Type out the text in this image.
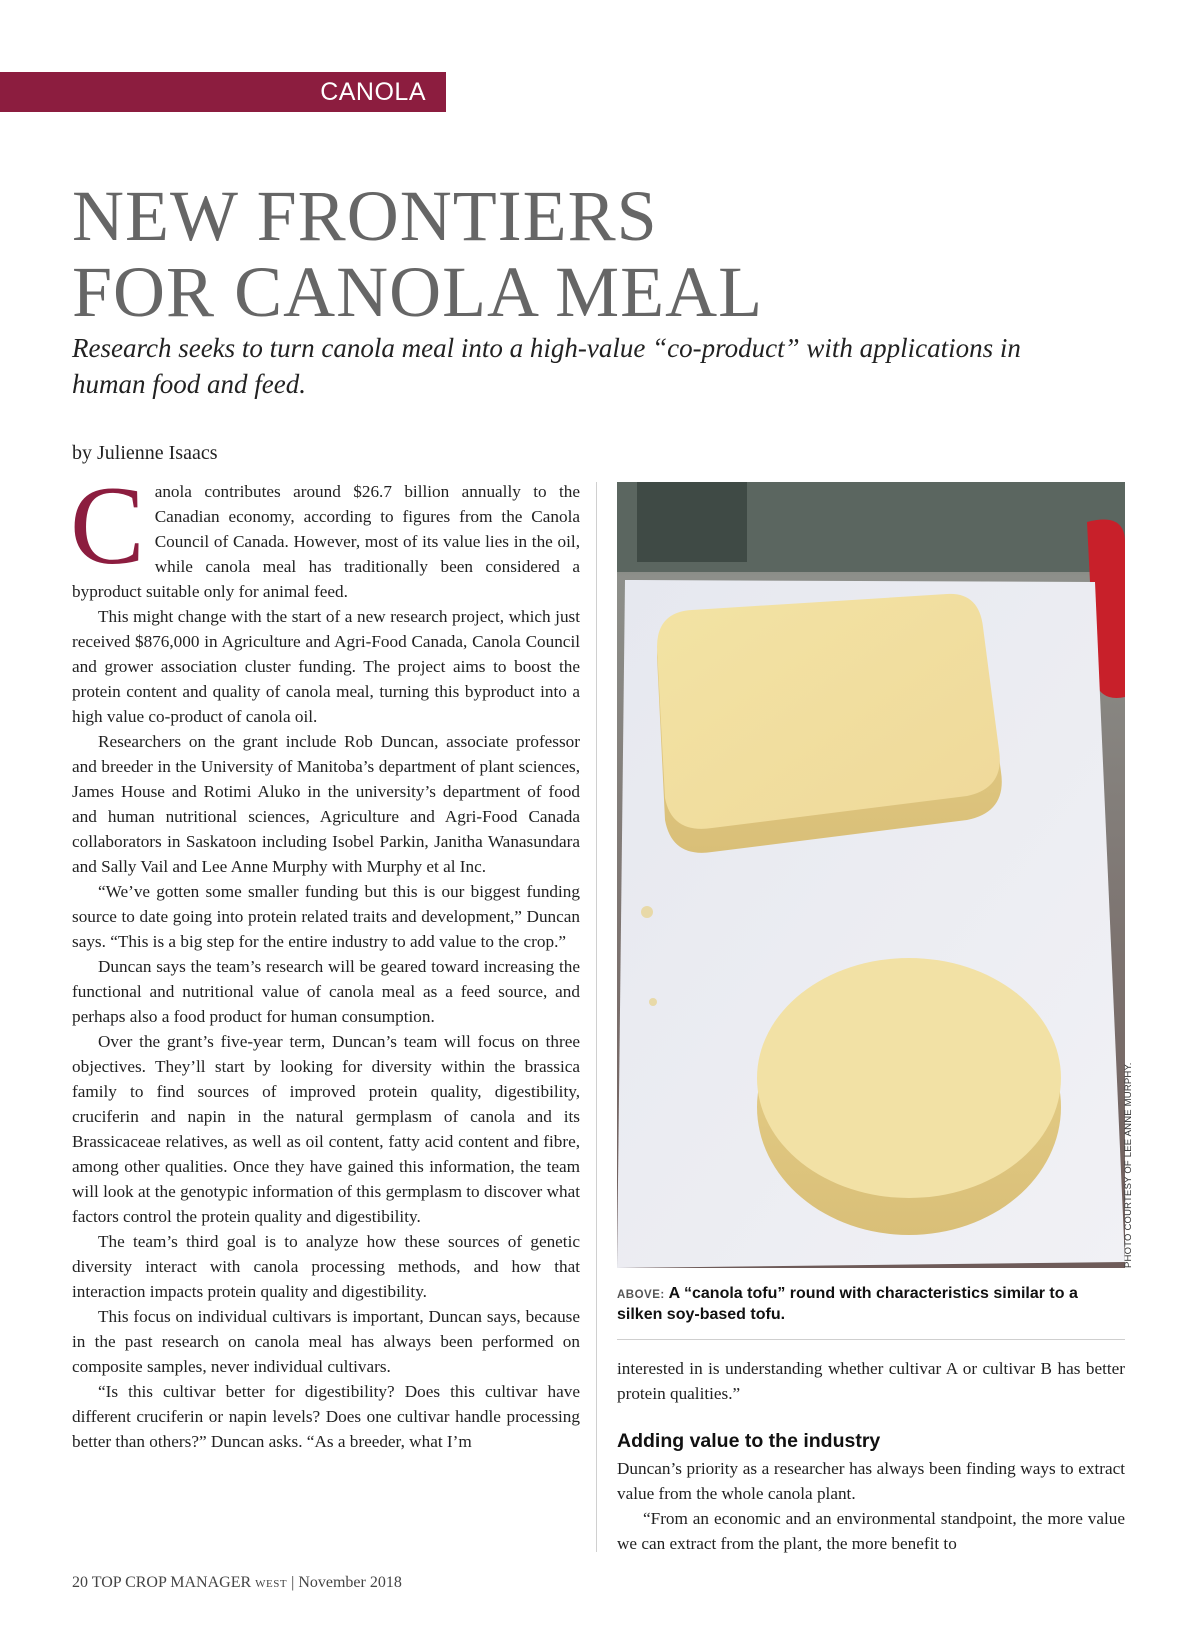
CANOLA
NEW FRONTIERS
FOR CANOLA MEAL

Research seeks to turn canola meal into a high-value “co-product” with applications in human food and feed.

by Julienne Isaacs

Canola contributes around $26.7 billion annually to the Canadian economy, according to figures from the Canola Council of Canada. However, most of its value lies in the oil, while canola meal has traditionally been considered a byproduct suitable only for animal feed.

This might change with the start of a new research project, which just received $876,000 in Agriculture and Agri-Food Canada, Canola Council and grower association cluster funding. The project aims to boost the protein content and quality of canola meal, turning this byproduct into a high value co-product of canola oil.

Researchers on the grant include Rob Duncan, associate professor and breeder in the University of Manitoba’s department of plant sciences, James House and Rotimi Aluko in the university’s department of food and human nutritional sciences, Agriculture and Agri-Food Canada collaborators in Saskatoon including Isobel Parkin, Janitha Wanasundara and Sally Vail and Lee Anne Murphy with Murphy et al Inc.

“We’ve gotten some smaller funding but this is our biggest funding source to date going into protein related traits and development,” Duncan says. “This is a big step for the entire industry to add value to the crop.”

Duncan says the team’s research will be geared toward increasing the functional and nutritional value of canola meal as a feed source, and perhaps also a food product for human consumption.

Over the grant’s five-year term, Duncan’s team will focus on three objectives. They’ll start by looking for diversity within the brassica family to find sources of improved protein quality, digestibility, cruciferin and napin in the natural germplasm of canola and its Brassicaceae relatives, as well as oil content, fatty acid content and fibre, among other qualities. Once they have gained this information, the team will look at the genotypic information of this germplasm to discover what factors control the protein quality and digestibility.

The team’s third goal is to analyze how these sources of genetic diversity interact with canola processing methods, and how that interaction impacts protein quality and digestibility.

This focus on individual cultivars is important, Duncan says, because in the past research on canola meal has always been performed on composite samples, never individual cultivars.

“Is this cultivar better for digestibility? Does this cultivar have different cruciferin or napin levels? Does one cultivar handle processing better than others?” Duncan asks. “As a breeder, what I’m

PHOTO COURTESY OF LEE ANNE MURPHY.
ABOVE: A “canola tofu” round with characteristics similar to a silken soy-based tofu.

interested in is understanding whether cultivar A or cultivar B has better protein qualities.”

Adding value to the industry

Duncan’s priority as a researcher has always been finding ways to extract value from the whole canola plant.

“From an economic and an environmental standpoint, the more value we can extract from the plant, the more benefit to

20 TOP CROP MANAGER WEST | November 2018
